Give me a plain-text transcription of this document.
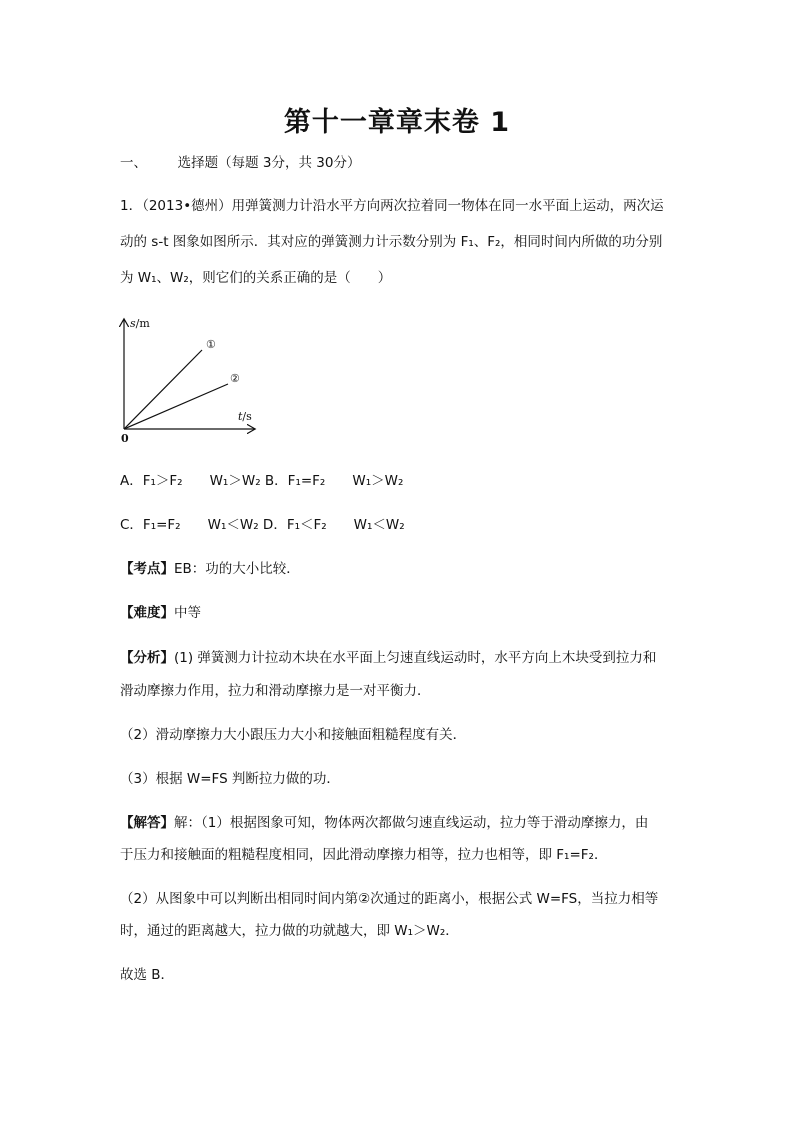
第十一章章末卷 1
一、 选择题（每题 3分，共 30分）
1．（2013•德州）用弹簧测力计沿水平方向两次拉着同一物体在同一水平面上运动，两次运
动的 s-t 图象如图所示．其对应的弹簧测力计示数分别为 F₁、F₂，相同时间内所做的功分别
为 W₁、W₂，则它们的关系正确的是（　　）
s/m
t/s
0
①
②
A．F₁＞F₂　　W₁＞W₂ B．F₁=F₂　　W₁＞W₂
C．F₁=F₂　　W₁＜W₂ D．F₁＜F₂　　W₁＜W₂
【考点】EB：功的大小比较．
【难度】中等
【分析】(1) 弹簧测力计拉动木块在水平面上匀速直线运动时，水平方向上木块受到拉力和
滑动摩擦力作用，拉力和滑动摩擦力是一对平衡力．
（2）滑动摩擦力大小跟压力大小和接触面粗糙程度有关．
（3）根据 W=FS 判断拉力做的功．
【解答】解：（1）根据图象可知，物体两次都做匀速直线运动，拉力等于滑动摩擦力，由
于压力和接触面的粗糙程度相同，因此滑动摩擦力相等，拉力也相等，即 F₁=F₂．
（2）从图象中可以判断出相同时间内第②次通过的距离小，根据公式 W=FS，当拉力相等
时，通过的距离越大，拉力做的功就越大，即 W₁＞W₂．
故选 B．
